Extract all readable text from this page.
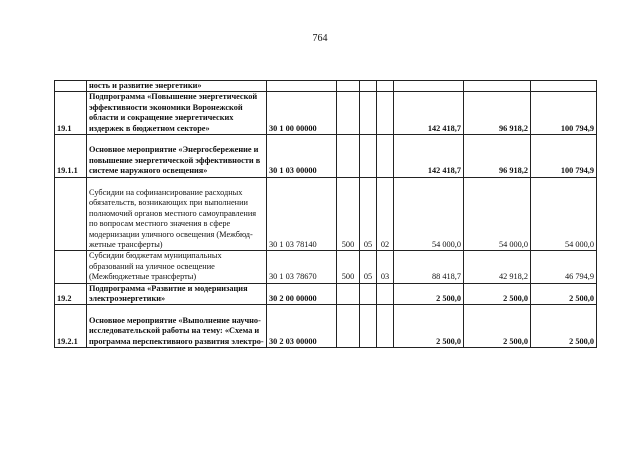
764
	ность и развитие энергетики»							
19.1	Подпрограмма «Повышение энергетической эффективности экономики Воронежской области и сокращение энергетических издержек в бюджетном секторе»	30 1 00 00000				142 418,7	96 918,2	100 794,9
19.1.1	Основное мероприятие «Энергосбережение и повышение энергетической эффективности в системе наружного освещения»	30 1 03 00000				142 418,7	96 918,2	100 794,9
	Субсидии на софинансирование расходных обязательств, возникающих при выполнении полномочий органов местного самоуправления по вопросам местного значения в сфере модернизации уличного освещения (Межбюджетные трансферты)	30 1 03 78140	500	05	02	54 000,0	54 000,0	54 000,0
	Субсидии бюджетам муниципальных образований на уличное освещение (Межбюджетные трансферты)	30 1 03 78670	500	05	03	88 418,7	42 918,2	46 794,9
19.2	Подпрограмма «Развитие и модернизация электроэнергетики»	30 2 00 00000				2 500,0	2 500,0	2 500,0
19.2.1	Основное мероприятие «Выполнение научно-исследовательской работы на тему: «Схема и программа перспективного развития электро-	30 2 03 00000				2 500,0	2 500,0	2 500,0
